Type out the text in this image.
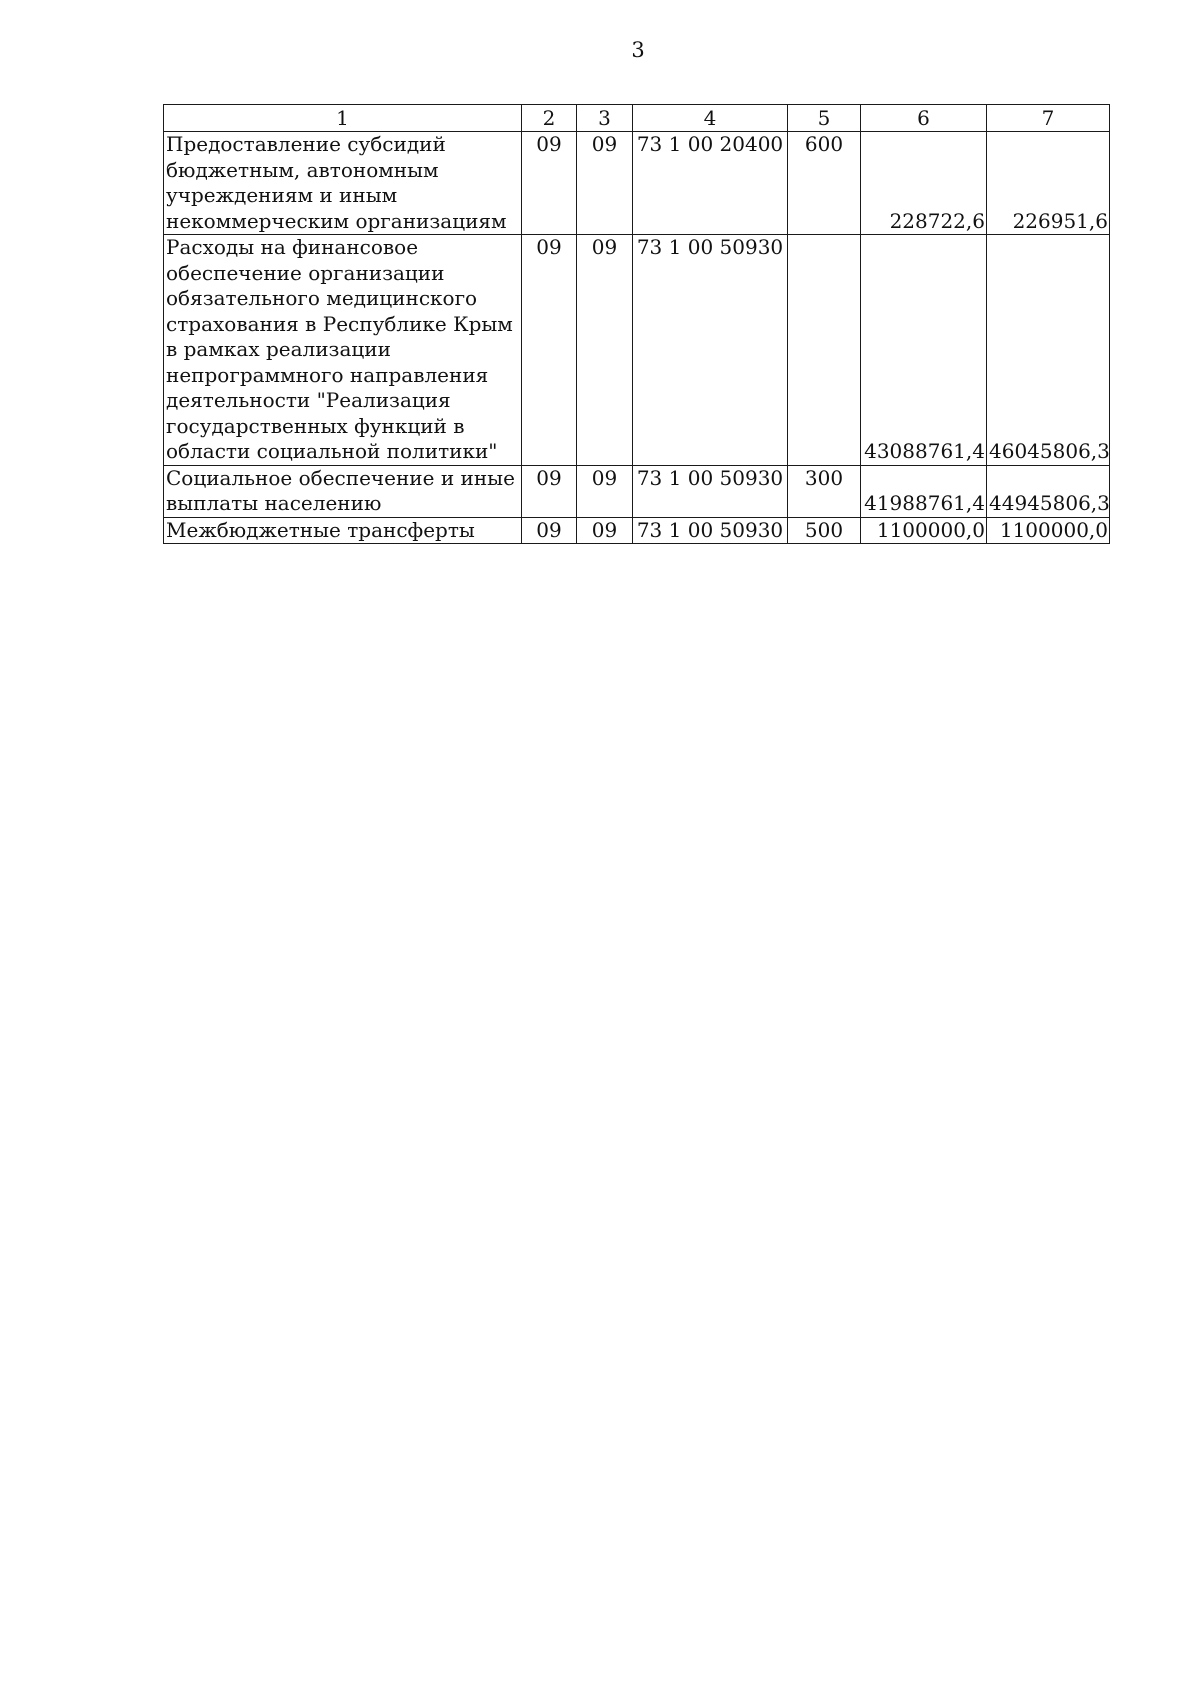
3
1	2	3	4	5	6	7
Предоставление субсидий бюджетным, автономным учреждениям и иным некоммерческим организациям	09	09	73 1 00 20400	600	228722,6	226951,6
Расходы на финансовое обеспечение организации обязательного медицинского страхования в Республике Крым в рамках реализации непрограммного направления деятельности "Реализация государственных функций в области социальной политики"	09	09	73 1 00 50930		43088761,4	46045806,3
Социальное обеспечение и иные выплаты населению	09	09	73 1 00 50930	300	41988761,4	44945806,3
Межбюджетные трансферты	09	09	73 1 00 50930	500	1100000,0	1100000,0
